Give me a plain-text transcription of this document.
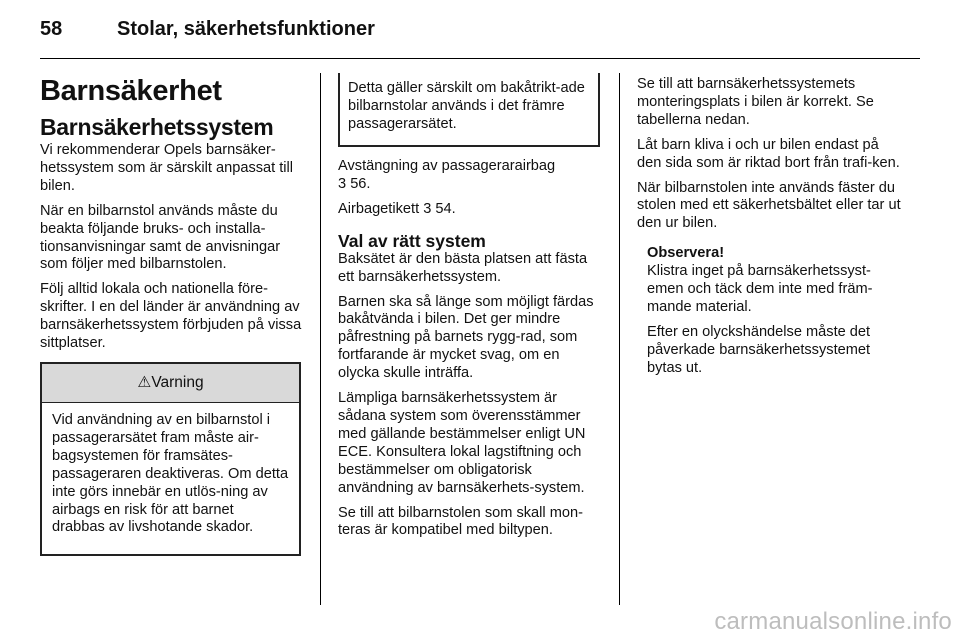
58	Stolar, säkerhetsfunktioner
Barnsäkerhet
Barnsäkerhetssystem

Vi rekommenderar Opels barnsäker-hetssystem som är särskilt anpassat till bilen.

När en bilbarnstol används måste du beakta följande bruks- och installa-tionsanvisningar samt de anvisningar som följer med bilbarnstolen.

Följ alltid lokala och nationella före-skrifter. I en del länder är användning av barnsäkerhetssystem förbjuden på vissa sittplatser.

⚠Varning
Vid användning av en bilbarnstol i passagerarsätet fram måste air-bagsystemen för framsätes-passageraren deaktiveras. Om detta inte görs innebär en utlös-ning av airbags en risk för att barnet drabbas av livshotande skador.
Detta gäller särskilt om bakåtrikt-ade bilbarnstolar används i det främre passagerarsätet.

Avstängning av passagerarairbag
3 56.

Airbagetikett 3 54.

Val av rätt system

Baksätet är den bästa platsen att fästa ett barnsäkerhetssystem.

Barnen ska så länge som möjligt färdas bakåtvända i bilen. Det ger mindre påfrestning på barnets rygg-rad, som fortfarande är mycket svag, om en olycka skulle inträffa.

Lämpliga barnsäkerhetssystem är sådana system som överensstämmer med gällande bestämmelser enligt UN ECE. Konsultera lokal lagstiftning och bestämmelser om obligatorisk användning av barnsäkerhets-system.

Se till att bilbarnstolen som skall mon-teras är kompatibel med biltypen.

Se till att barnsäkerhetssystemets monteringsplats i bilen är korrekt. Se tabellerna nedan.

Låt barn kliva i och ur bilen endast på den sida som är riktad bort från trafi-ken.

När bilbarnstolen inte används fäster du stolen med ett säkerhetsbältet eller tar ut den ur bilen.

Observera!

Klistra inget på barnsäkerhetssyst-emen och täck dem inte med främ-mande material.

Efter en olyckshändelse måste det påverkade barnsäkerhetssystemet bytas ut.

carmanualsonline.info
